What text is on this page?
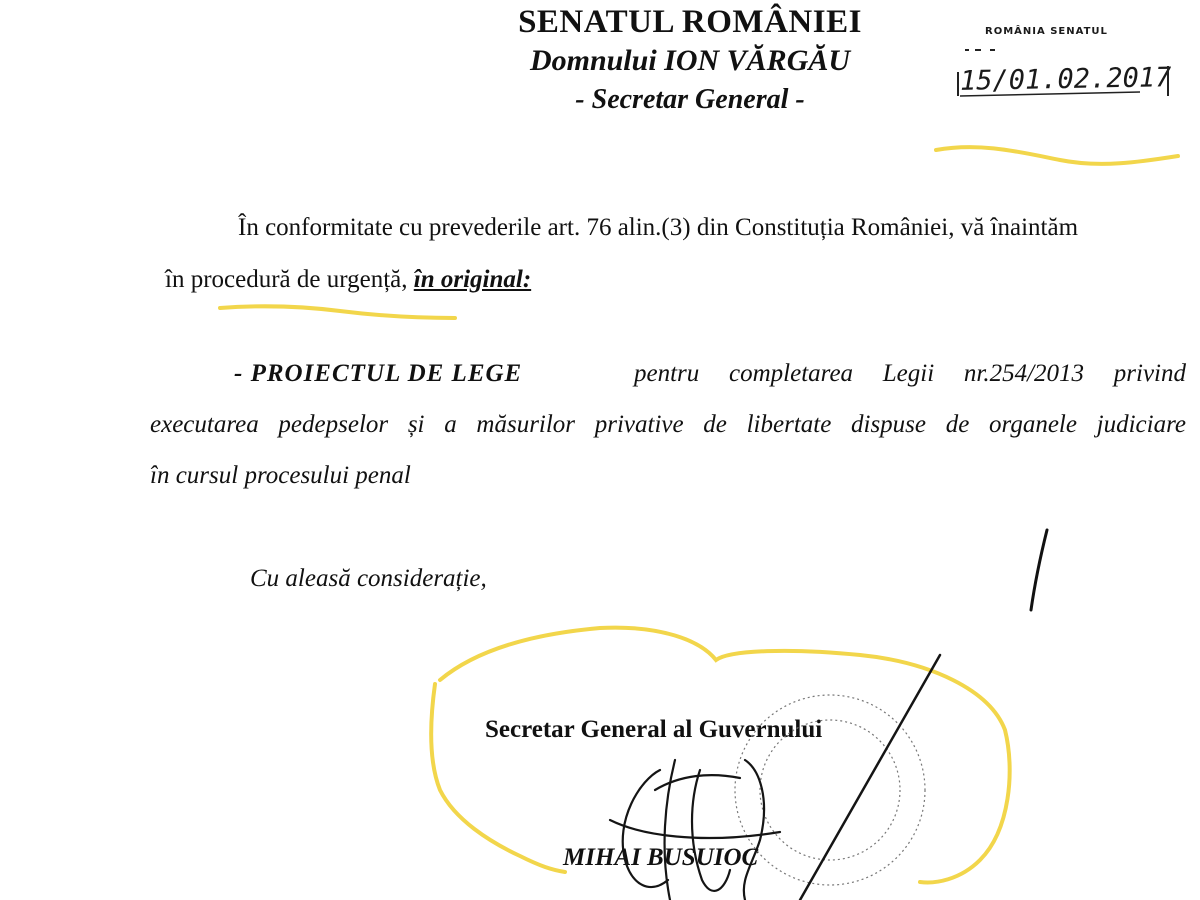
SENATUL ROMÂNIEI
Domnului ION VĂRGĂU
- Secretar General -
ROMÂNIA SENATUL
15/01.02.2017
În conformitate cu prevederile art. 76 alin.(3) din Constituția României, vă înaintăm
în procedură de urgență, în original:
- PROIECTUL DE LEGE	pentru completarea Legii nr.254/2013 privind
executarea pedepselor și a măsurilor privative de libertate dispuse de organele judiciare
în cursul procesului penal
Cu aleasă considerație,
Secretar General al Guvernului
MIHAI BUSUIOC
